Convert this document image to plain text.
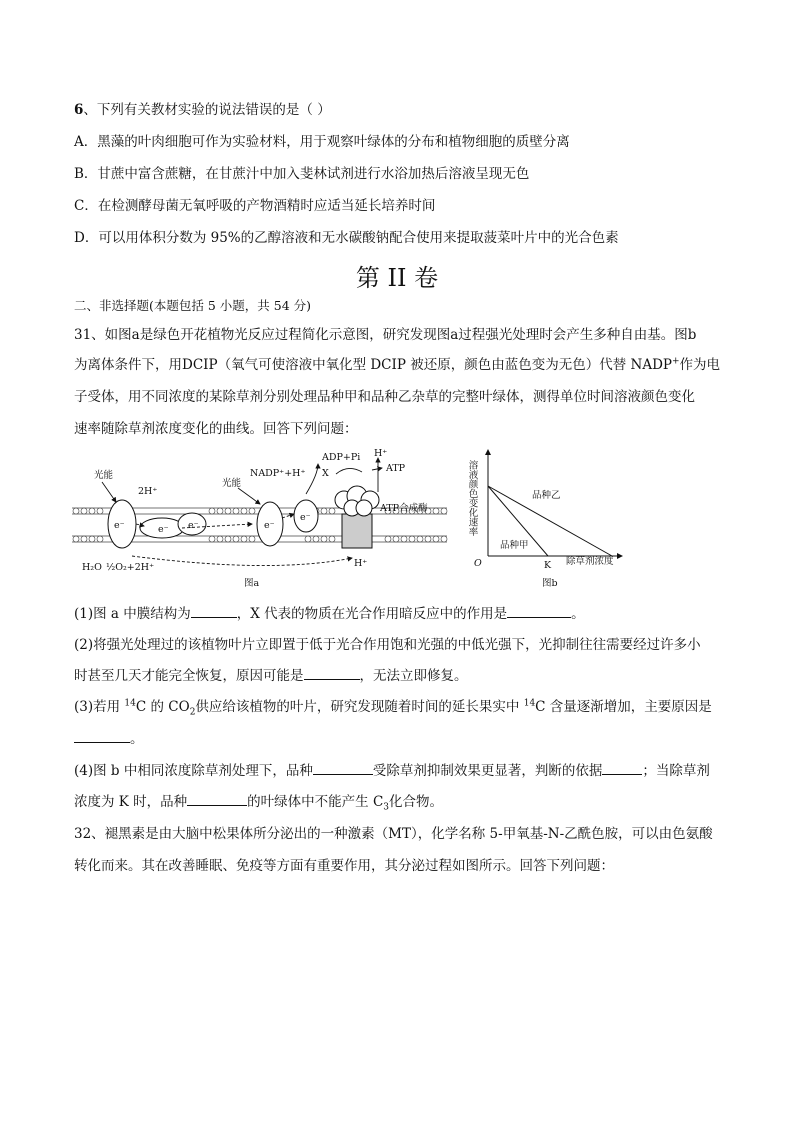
6、下列有关教材实验的说法错误的是（ ）
A．黑藻的叶肉细胞可作为实验材料，用于观察叶绿体的分布和植物细胞的质壁分离
B．甘蔗中富含蔗糖，在甘蔗汁中加入斐林试剂进行水浴加热后溶液呈现无色
C．在检测酵母菌无氧呼吸的产物酒精时应适当延长培养时间
D．可以用体积分数为 95%的乙醇溶液和无水碳酸钠配合使用来提取菠菜叶片中的光合色素
第 II 卷
二、非选择题(本题包括 5 小题，共 54 分)
31、如图a是绿色开花植物光反应过程简化示意图，研究发现图a过程强光处理时会产生多种自由基。图b
为离体条件下，用DCIP（氧气可使溶液中氧化型 DCIP 被还原，颜色由蓝色变为无色）代替 NADP+作为电
子受体，用不同浓度的某除草剂分别处理品种甲和品种乙杂草的完整叶绿体，测得单位时间溶液颜色变化
速率随除草剂浓度变化的曲线。回答下列问题：
光能
光能
2H⁺
NADP⁺+H⁺ X
ADP+Pi H⁺
ATP
ATP合成酶
e⁻	e⁻ e⁻	e⁻
e⁻
H₂O ½O₂+2H⁺	H⁺
图a
溶液颜色变化速率
除草剂浓度
O	K
品种乙
品种甲
图b
(1)图 a 中膜结构为	，X 代表的物质在光合作用暗反应中的作用是	。
(2)将强光处理过的该植物叶片立即置于低于光合作用饱和光强的中低光强下，光抑制往往需要经过许多小
时甚至几天才能完全恢复，原因可能是	，无法立即修复。
(3)若用 $^{14}$C 的 $CO_2$供应给该植物的叶片，研究发现随着时间的延长果实中 $^{14}$C 含量逐渐增加，主要原因是
。
(4)图 b 中相同浓度除草剂处理下，品种	受除草剂抑制效果更显著，判断的依据	；当除草剂
浓度为 K 时，品种	的叶绿体中不能产生 $C_3$化合物。
32、褪黑素是由大脑中松果体所分泌出的一种激素（MT），化学名称 5-甲氧基-N-乙酰色胺，可以由色氨酸
转化而来。其在改善睡眠、免疫等方面有重要作用，其分泌过程如图所示。回答下列问题：
